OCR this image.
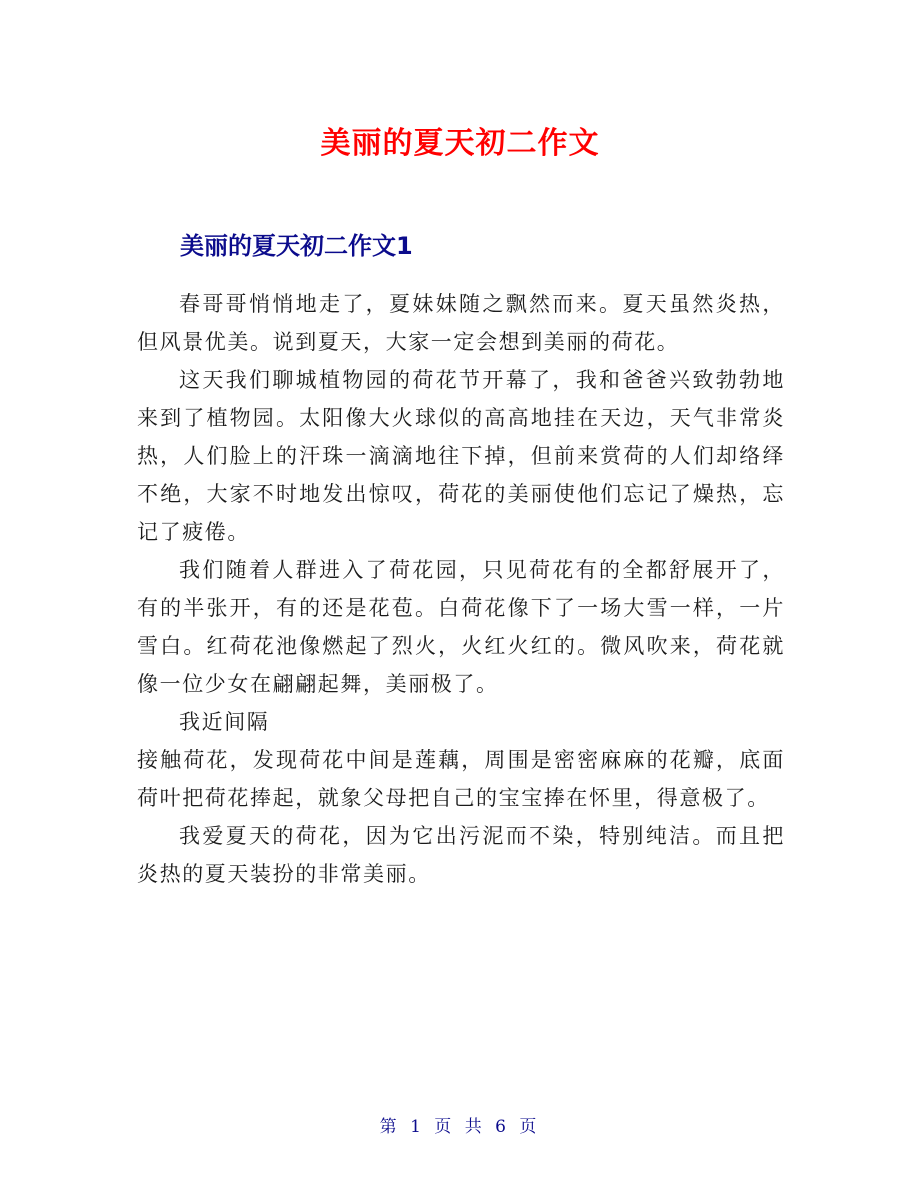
美丽的夏天初二作文
美丽的夏天初二作文1

春哥哥悄悄地走了，夏妹妹随之飘然而来。夏天虽然炎热，但风景优美。说到夏天，大家一定会想到美丽的荷花。

这天我们聊城植物园的荷花节开幕了，我和爸爸兴致勃勃地来到了植物园。太阳像大火球似的高高地挂在天边，天气非常炎热，人们脸上的汗珠一滴滴地往下掉，但前来赏荷的人们却络绎不绝，大家不时地发出惊叹，荷花的美丽使他们忘记了燥热，忘记了疲倦。

我们随着人群进入了荷花园，只见荷花有的全都舒展开了，有的半张开，有的还是花苞。白荷花像下了一场大雪一样，一片雪白。红荷花池像燃起了烈火，火红火红的。微风吹来，荷花就像一位少女在翩翩起舞，美丽极了。

我近间隔

接触荷花，发现荷花中间是莲藕，周围是密密麻麻的花瓣，底面荷叶把荷花捧起，就象父母把自己的宝宝捧在怀里，得意极了。

我爱夏天的荷花，因为它出污泥而不染，特别纯洁。而且把炎热的夏天装扮的非常美丽。

第 1 页 共 6 页
